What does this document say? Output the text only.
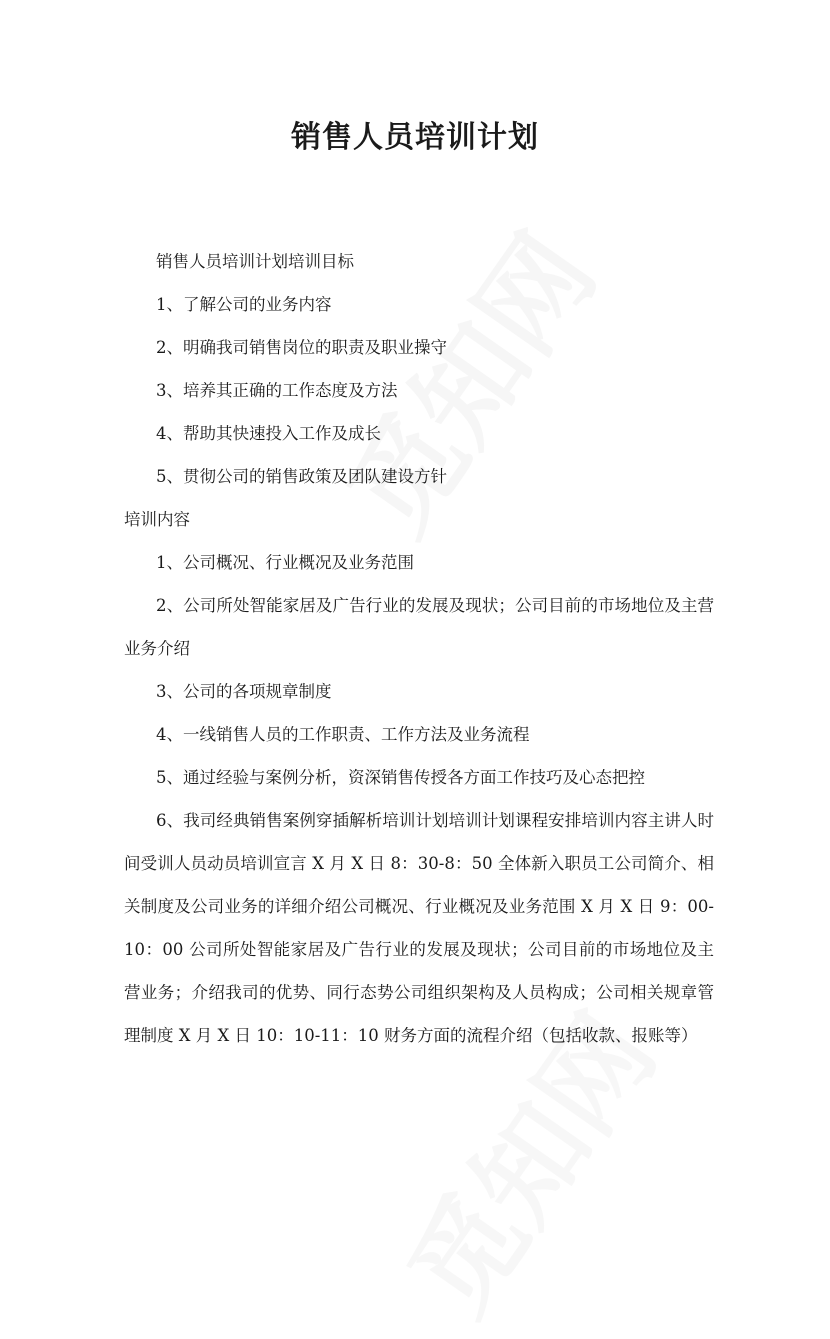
销售人员培训计划

销售人员培训计划培训目标

1、了解公司的业务内容

2、明确我司销售岗位的职责及职业操守

3、培养其正确的工作态度及方法

4、帮助其快速投入工作及成长

5、贯彻公司的销售政策及团队建设方针

培训内容

1、公司概况、行业概况及业务范围

2、公司所处智能家居及广告行业的发展及现状；公司目前的市场地位及主营业务介绍

3、公司的各项规章制度

4、一线销售人员的工作职责、工作方法及业务流程

5、通过经验与案例分析，资深销售传授各方面工作技巧及心态把控

6、我司经典销售案例穿插解析培训计划培训计划课程安排培训内容主讲人时间受训人员动员培训宣言 X 月 X 日 8：30-8：50 全体新入职员工公司简介、相关制度及公司业务的详细介绍公司概况、行业概况及业务范围 X 月 X 日 9：00-10：00 公司所处智能家居及广告行业的发展及现状；公司目前的市场地位及主营业务；介绍我司的优势、同行态势公司组织架构及人员构成；公司相关规章管理制度 X 月 X 日 10：10-11：10 财务方面的流程介绍（包括收款、报账等）
